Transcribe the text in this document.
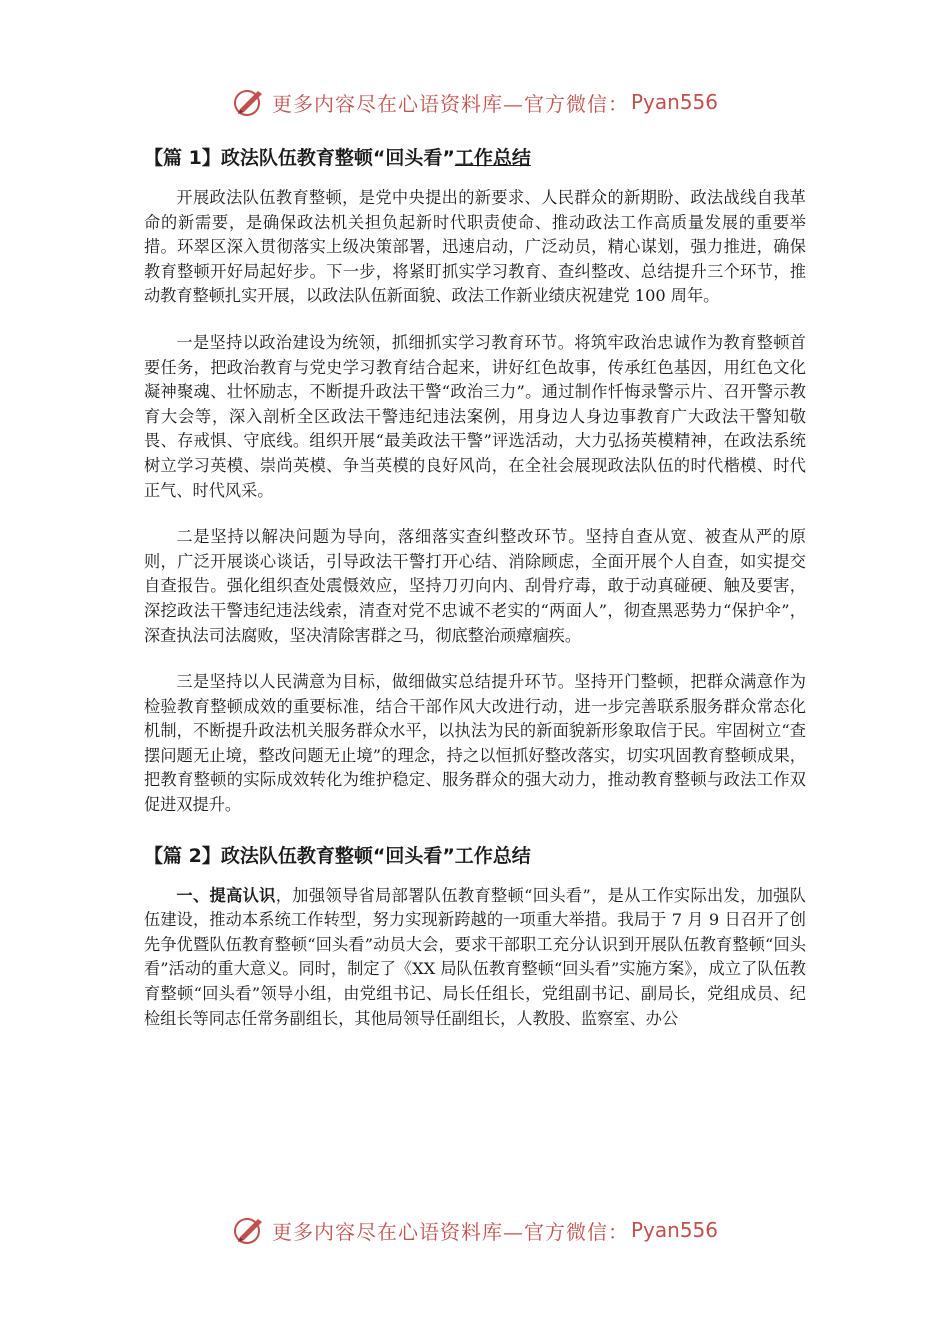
更多内容尽在心语资料库—官方微信： Pyan556
【篇 1】政法队伍教育整顿“回头看”工作总结

开展政法队伍教育整顿，是党中央提出的新要求、人民群众的新期盼、政法战线自我革命的新需要，是确保政法机关担负起新时代职责使命、推动政法工作高质量发展的重要举措。环翠区深入贯彻落实上级决策部署，迅速启动，广泛动员，精心谋划，强力推进，确保教育整顿开好局起好步。下一步，将紧盯抓实学习教育、查纠整改、总结提升三个环节，推动教育整顿扎实开展，以政法队伍新面貌、政法工作新业绩庆祝建党 100 周年。

一是坚持以政治建设为统领，抓细抓实学习教育环节。将筑牢政治忠诚作为教育整顿首要任务，把政治教育与党史学习教育结合起来，讲好红色故事，传承红色基因，用红色文化凝神聚魂、壮怀励志，不断提升政法干警“政治三力”。通过制作忏悔录警示片、召开警示教育大会等，深入剖析全区政法干警违纪违法案例，用身边人身边事教育广大政法干警知敬畏、存戒惧、守底线。组织开展“最美政法干警”评选活动，大力弘扬英模精神，在政法系统树立学习英模、崇尚英模、争当英模的良好风尚，在全社会展现政法队伍的时代楷模、时代正气、时代风采。

二是坚持以解决问题为导向，落细落实查纠整改环节。坚持自查从宽、被查从严的原则，广泛开展谈心谈话，引导政法干警打开心结、消除顾虑，全面开展个人自查，如实提交自查报告。强化组织查处震慑效应，坚持刀刃向内、刮骨疗毒，敢于动真碰硬、触及要害，深挖政法干警违纪违法线索，清查对党不忠诚不老实的“两面人”，彻查黑恶势力“保护伞”，深查执法司法腐败，坚决清除害群之马，彻底整治顽瘴痼疾。

三是坚持以人民满意为目标，做细做实总结提升环节。坚持开门整顿，把群众满意作为检验教育整顿成效的重要标准，结合干部作风大改进行动，进一步完善联系服务群众常态化机制，不断提升政法机关服务群众水平，以执法为民的新面貌新形象取信于民。牢固树立“查摆问题无止境，整改问题无止境”的理念，持之以恒抓好整改落实，切实巩固教育整顿成果，把教育整顿的实际成效转化为维护稳定、服务群众的强大动力，推动教育整顿与政法工作双促进双提升。

【篇 2】政法队伍教育整顿“回头看”工作总结

一、提高认识，加强领导省局部署队伍教育整顿“回头看”，是从工作实际出发，加强队伍建设，推动本系统工作转型，努力实现新跨越的一项重大举措。我局于 7 月 9 日召开了创先争优暨队伍教育整顿“回头看”动员大会，要求干部职工充分认识到开展队伍教育整顿“回头看”活动的重大意义。同时，制定了《XX 局队伍教育整顿“回头看”实施方案》，成立了队伍教育整顿“回头看”领导小组，由党组书记、局长任组长，党组副书记、副局长，党组成员、纪检组长等同志任常务副组长，其他局领导任副组长，人教股、监察室、办公

更多内容尽在心语资料库—官方微信： Pyan556
